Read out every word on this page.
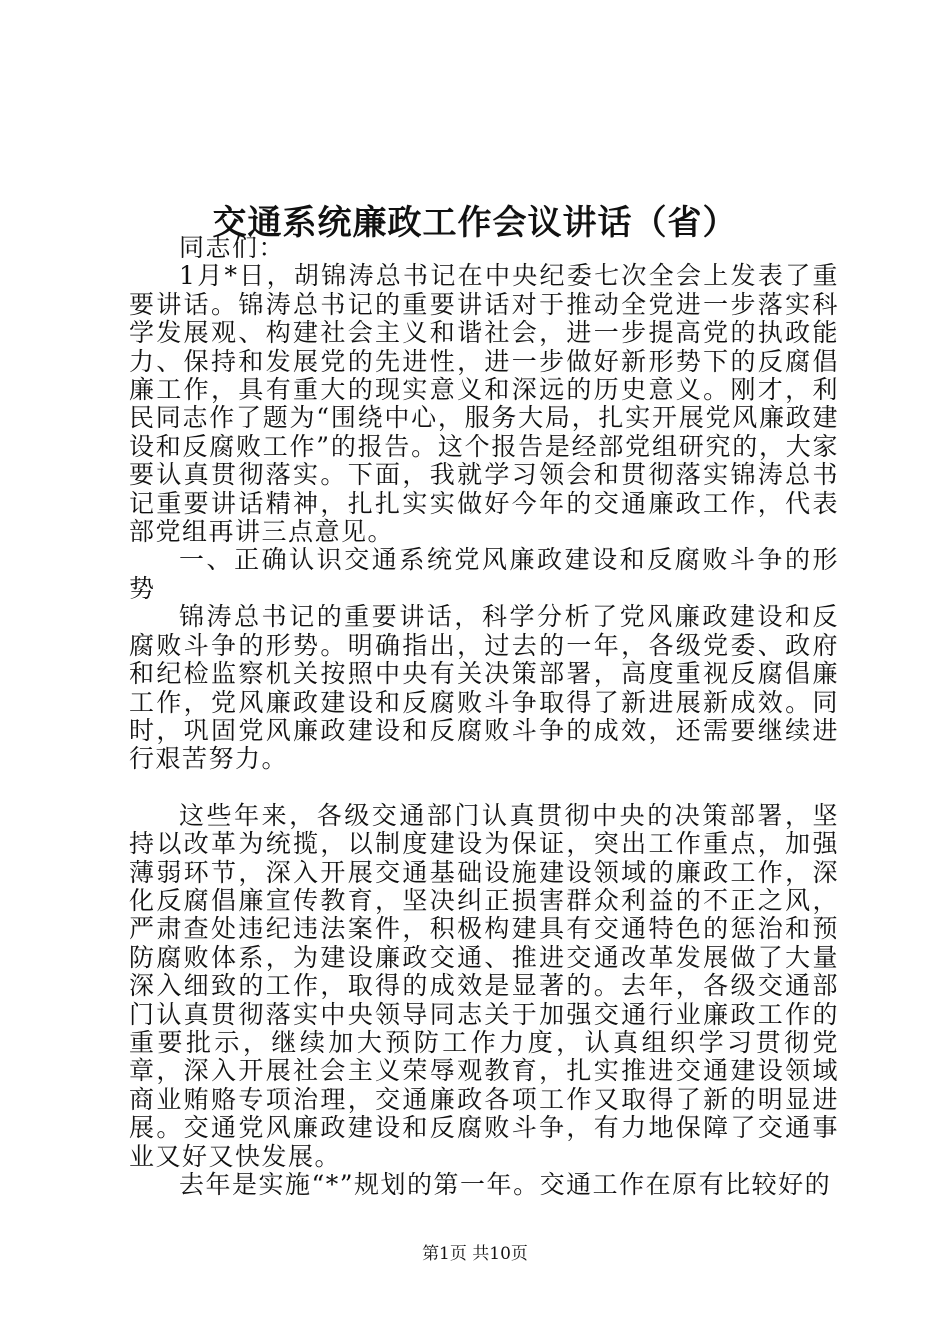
交通系统廉政工作会议讲话（省）

同志们：

1月*日，胡锦涛总书记在中央纪委七次全会上发表了重要讲话。锦涛总书记的重要讲话对于推动全党进一步落实科学发展观、构建社会主义和谐社会，进一步提高党的执政能力、保持和发展党的先进性，进一步做好新形势下的反腐倡廉工作，具有重大的现实意义和深远的历史意义。刚才，利民同志作了题为“围绕中心，服务大局，扎实开展党风廉政建设和反腐败工作”的报告。这个报告是经部党组研究的，大家要认真贯彻落实。下面，我就学习领会和贯彻落实锦涛总书记重要讲话精神，扎扎实实做好今年的交通廉政工作，代表部党组再讲三点意见。

一、正确认识交通系统党风廉政建设和反腐败斗争的形势

锦涛总书记的重要讲话，科学分析了党风廉政建设和反腐败斗争的形势。明确指出，过去的一年，各级党委、政府和纪检监察机关按照中央有关决策部署，高度重视反腐倡廉工作，党风廉政建设和反腐败斗争取得了新进展新成效。同时，巩固党风廉政建设和反腐败斗争的成效，还需要继续进行艰苦努力。

这些年来，各级交通部门认真贯彻中央的决策部署，坚持以改革为统揽，以制度建设为保证，突出工作重点，加强薄弱环节，深入开展交通基础设施建设领域的廉政工作，深化反腐倡廉宣传教育，坚决纠正损害群众利益的不正之风，严肃查处违纪违法案件，积极构建具有交通特色的惩治和预防腐败体系，为建设廉政交通、推进交通改革发展做了大量深入细致的工作，取得的成效是显著的。去年，各级交通部门认真贯彻落实中央领导同志关于加强交通行业廉政工作的重要批示，继续加大预防工作力度，认真组织学习贯彻党章，深入开展社会主义荣辱观教育，扎实推进交通建设领域商业贿赂专项治理，交通廉政各项工作又取得了新的明显进展。交通党风廉政建设和反腐败斗争，有力地保障了交通事业又好又快发展。

去年是实施“*”规划的第一年。交通工作在原有比较好的

第1页 共10页
